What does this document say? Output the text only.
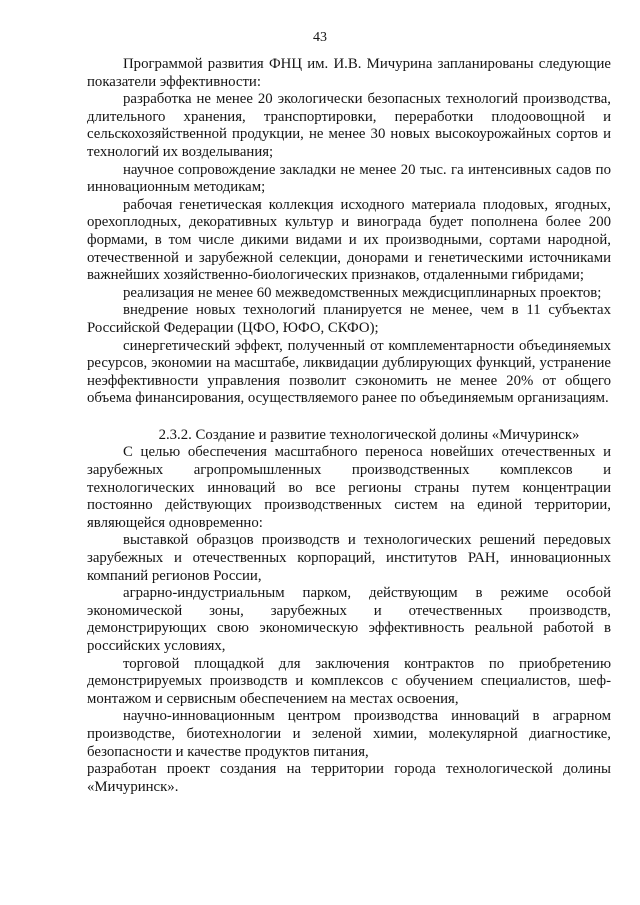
43

Программой развития ФНЦ им. И.В. Мичурина запланированы следующие показатели эффективности:

разработка не менее 20 экологически безопасных технологий производства, длительного хранения, транспортировки, переработки плодоовощной и сельскохозяйственной продукции, не менее 30 новых высокоурожайных сортов и технологий их возделывания;

научное сопровождение закладки не менее 20 тыс. га интенсивных садов по инновационным методикам;

рабочая генетическая коллекция исходного материала плодовых, ягодных, орехоплодных, декоративных культур и винограда будет пополнена более 200 формами, в том числе дикими видами и их производными, сортами народной, отечественной и зарубежной селекции, донорами и генетическими источниками важнейших хозяйственно-биологических признаков, отдаленными гибридами;

реализация не менее 60 межведомственных междисциплинарных проектов;

внедрение новых технологий планируется не менее, чем в 11 субъектах Российской Федерации (ЦФО, ЮФО, СКФО);

синергетический эффект, полученный от комплементарности объединяемых ресурсов, экономии на масштабе, ликвидации дублирующих функций, устранение неэффективности управления позволит сэкономить не менее 20% от общего объема финансирования, осуществляемого ранее по объединяемым организациям.

2.3.2. Создание и развитие технологической долины «Мичуринск»

С целью обеспечения масштабного переноса новейших отечественных и зарубежных агропромышленных производственных комплексов и технологических инноваций во все регионы страны путем концентрации постоянно действующих производственных систем на единой территории, являющейся одновременно:

выставкой образцов производств и технологических решений передовых зарубежных и отечественных корпораций, институтов РАН, инновационных компаний регионов России,

аграрно-индустриальным парком, действующим в режиме особой экономической зоны, зарубежных и отечественных производств, демонстрирующих свою экономическую эффективность реальной работой в российских условиях,

торговой площадкой для заключения контрактов по приобретению демонстрируемых производств и комплексов с обучением специалистов, шеф-монтажом и сервисным обеспечением на местах освоения,

научно-инновационным центром производства инноваций в аграрном производстве, биотехнологии и зеленой химии, молекулярной диагностике, безопасности и качестве продуктов питания,

разработан проект создания на территории города технологической долины «Мичуринск».
